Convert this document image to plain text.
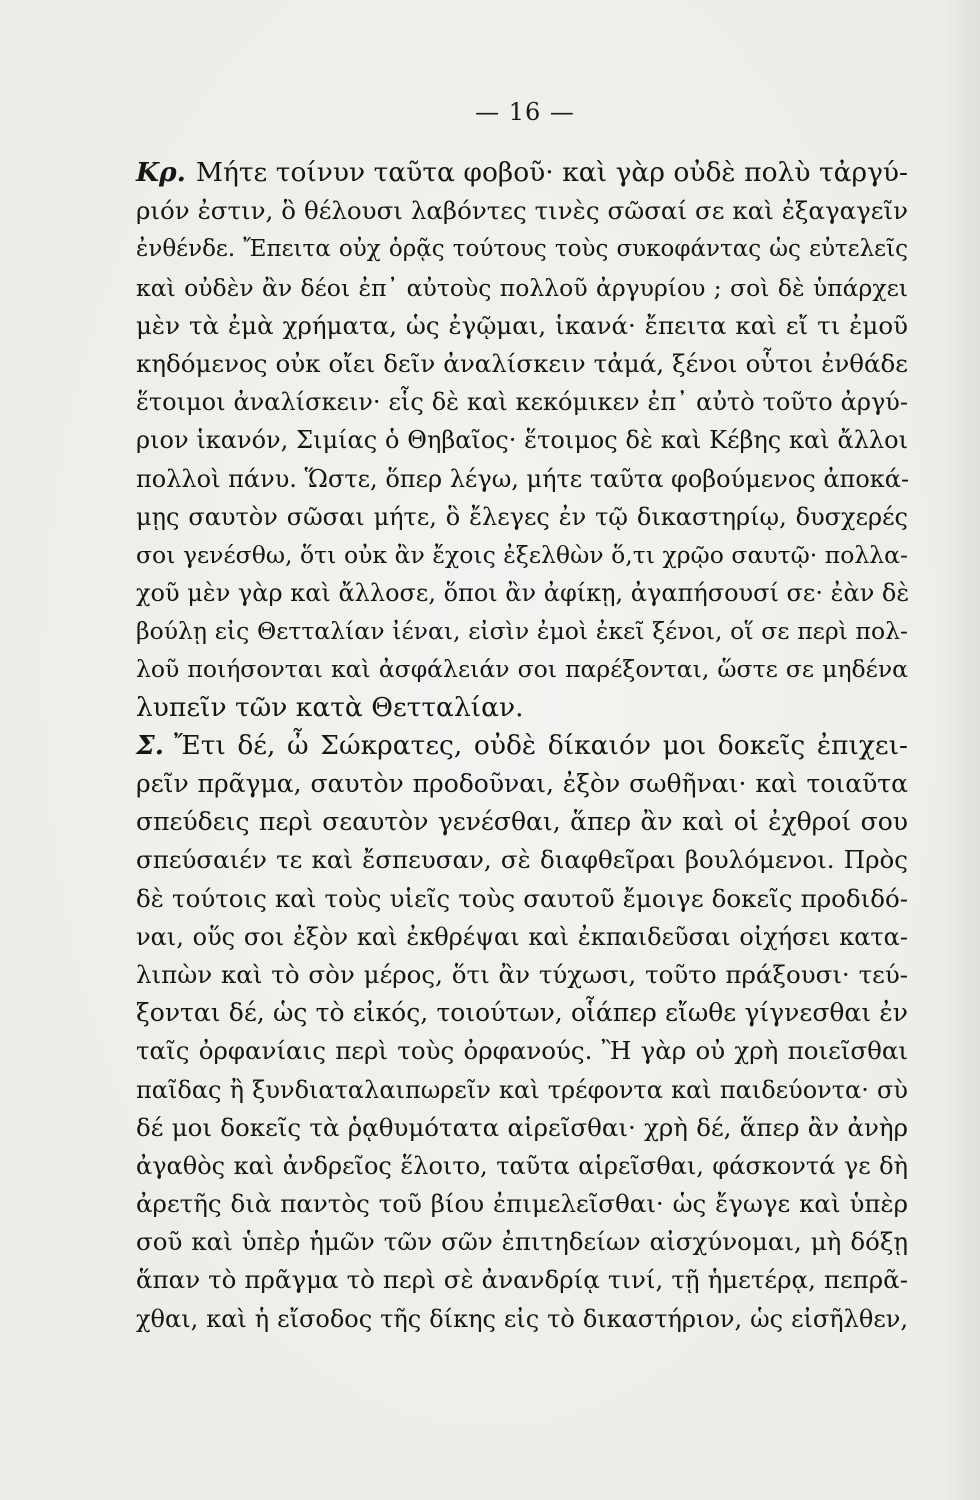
— 16 —
Κρ. Μήτε τοίνυν ταῦτα φοβοῦ· καὶ γὰρ οὐδὲ πολὺ τἀργύ-
ριόν ἐστιν, ὃ θέλουσι λαβόντες τινὲς σῶσαί σε καὶ ἐξαγαγεῖν
ἐνθένδε. Ἔπειτα οὐχ ὁρᾷς τούτους τοὺς συκοφάντας ὡς εὐτελεῖς
καὶ οὐδὲν ἂν δέοι ἐπ᾽ αὐτοὺς πολλοῦ ἀργυρίου ; σοὶ δὲ ὑπάρχει
μὲν τὰ ἐμὰ χρήματα, ὡς ἐγῷμαι, ἱκανά· ἔπειτα καὶ εἴ τι ἐμοῦ
κηδόμενος οὐκ οἴει δεῖν ἀναλίσκειν τἀμά, ξένοι οὗτοι ἐνθάδε
ἕτοιμοι ἀναλίσκειν· εἷς δὲ καὶ κεκόμικεν ἐπ᾽ αὐτὸ τοῦτο ἀργύ-
ριον ἱκανόν, Σιμίας ὁ Θηβαῖος· ἕτοιμος δὲ καὶ Κέβης καὶ ἄλλοι
πολλοὶ πάνυ. Ὥστε, ὅπερ λέγω, μήτε ταῦτα φοβούμενος ἀποκά-
μῃς σαυτὸν σῶσαι μήτε, ὃ ἔλεγες ἐν τῷ δικαστηρίῳ, δυσχερές
σοι γενέσθω, ὅτι οὐκ ἂν ἔχοις ἐξελθὼν ὅ,τι χρῷο σαυτῷ· πολλα-
χοῦ μὲν γὰρ καὶ ἄλλοσε, ὅποι ἂν ἀφίκῃ, ἀγαπήσουσί σε· ἐὰν δὲ
βούλῃ εἰς Θετταλίαν ἰέναι, εἰσὶν ἐμοὶ ἐκεῖ ξένοι, οἵ σε περὶ πολ-
λοῦ ποιήσονται καὶ ἀσφάλειάν σοι παρέξονται, ὥστε σε μηδένα
λυπεῖν τῶν κατὰ Θετταλίαν.
Σ. Ἔτι δέ, ὦ Σώκρατες, οὐδὲ δίκαιόν μοι δοκεῖς ἐπιχει-
ρεῖν πρᾶγμα, σαυτὸν προδοῦναι, ἐξὸν σωθῆναι· καὶ τοιαῦτα
σπεύδεις περὶ σεαυτὸν γενέσθαι, ἅπερ ἂν καὶ οἱ ἐχθροί σου
σπεύσαιέν τε καὶ ἔσπευσαν, σὲ διαφθεῖραι βουλόμενοι. Πρὸς
δὲ τούτοις καὶ τοὺς υἱεῖς τοὺς σαυτοῦ ἔμοιγε δοκεῖς προδιδό-
ναι, οὕς σοι ἐξὸν καὶ ἐκθρέψαι καὶ ἐκπαιδεῦσαι οἰχήσει κατα-
λιπὼν καὶ τὸ σὸν μέρος, ὅτι ἂν τύχωσι, τοῦτο πράξουσι· τεύ-
ξονται δέ, ὡς τὸ εἰκός, τοιούτων, οἷάπερ εἴωθε γίγνεσθαι ἐν
ταῖς ὀρφανίαις περὶ τοὺς ὀρφανούς. Ἢ γὰρ οὐ χρὴ ποιεῖσθαι
παῖδας ἢ ξυνδιαταλαιπωρεῖν καὶ τρέφοντα καὶ παιδεύοντα· σὺ
δέ μοι δοκεῖς τὰ ῥᾳθυμότατα αἱρεῖσθαι· χρὴ δέ, ἅπερ ἂν ἀνὴρ
ἀγαθὸς καὶ ἀνδρεῖος ἕλοιτο, ταῦτα αἱρεῖσθαι, φάσκοντά γε δὴ
ἀρετῆς διὰ παντὸς τοῦ βίου ἐπιμελεῖσθαι· ὡς ἔγωγε καὶ ὑπὲρ
σοῦ καὶ ὑπὲρ ἡμῶν τῶν σῶν ἐπιτηδείων αἰσχύνομαι, μὴ δόξῃ
ἅπαν τὸ πρᾶγμα τὸ περὶ σὲ ἀνανδρίᾳ τινί, τῇ ἡμετέρᾳ, πεπρᾶ-
χθαι, καὶ ἡ εἴσοδος τῆς δίκης εἰς τὸ δικαστήριον, ὡς εἰσῆλθεν,
